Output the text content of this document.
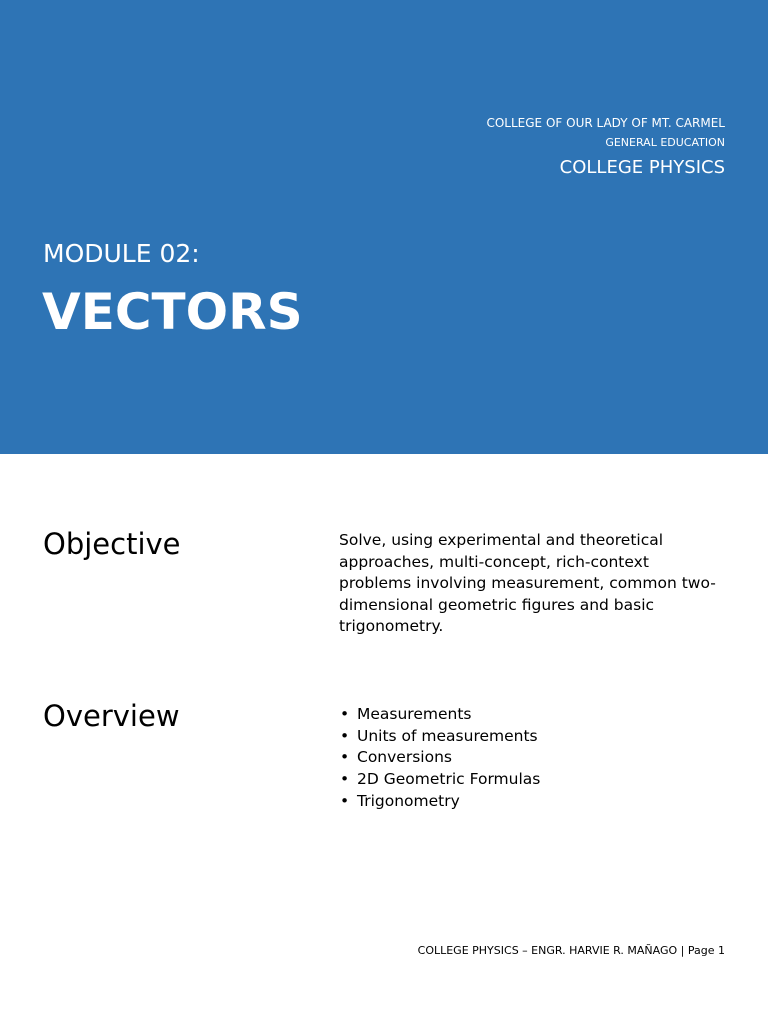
COLLEGE OF OUR LADY OF MT. CARMEL
GENERAL EDUCATION
COLLEGE PHYSICS
MODULE 02:
VECTORS
Objective	Solve, using experimental and theoretical approaches, multi-concept, rich-context problems involving measurement, common two-dimensional geometric figures and basic trigonometry.
Overview	• Measurements
• Units of measurements
• Conversions
• 2D Geometric Formulas
• Trigonometry
COLLEGE PHYSICS – ENGR. HARVIE R. MAÑAGO | Page 1
